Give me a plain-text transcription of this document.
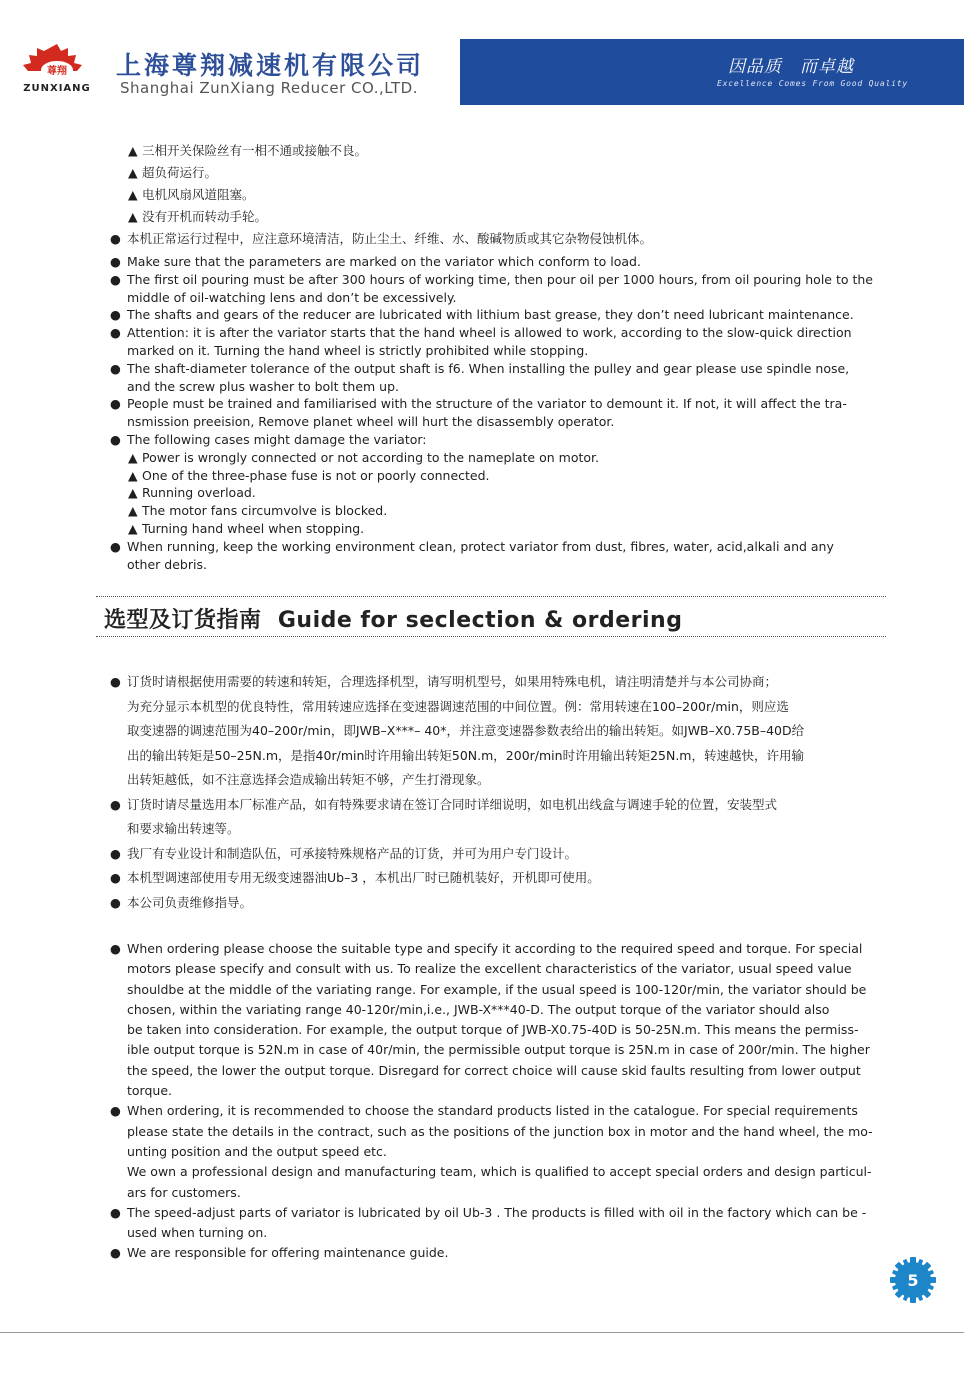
尊翔
ZUNXIANG
上海尊翔减速机有限公司
Shanghai ZunXiang Reducer CO.,LTD.
因品质　而卓越
Excellence Comes From Good Quality
▲ 三相开关保险丝有一相不通或接触不良。
▲ 超负荷运行。
▲ 电机风扇风道阻塞。
▲ 没有开机而转动手轮。
● 本机正常运行过程中，应注意环境清洁，防止尘土、纤维、水、酸碱物质或其它杂物侵蚀机体。
● Make sure that the parameters are marked on the variator which conform to load.
● The first oil pouring must be after 300 hours of working time, then pour oil per 1000 hours, from oil pouring hole to the
middle of oil-watching lens and don’t be excessively.
● The shafts and gears of the reducer are lubricated with lithium bast grease, they don’t need lubricant maintenance.
● Attention: it is after the variator starts that the hand wheel is allowed to work, according to the slow-quick direction
marked on it. Turning the hand wheel is strictly prohibited while stopping.
● The shaft-diameter tolerance of the output shaft is f6. When installing the pulley and gear please use spindle nose,
and the screw plus washer to bolt them up.
● People must be trained and familiarised with the structure of the variator to demount it. If not, it will affect the tra-
nsmission preeision, Remove planet wheel will hurt the disassembly operator.
● The following cases might damage the variator:
▲ Power is wrongly connected or not according to the nameplate on motor.
▲ One of the three-phase fuse is not or poorly connected.
▲ Running overload.
▲ The motor fans circumvolve is blocked.
▲ Turning hand wheel when stopping.
● When running, keep the working environment clean, protect variator from dust, fibres, water, acid,alkali and any
other debris.
选型及订货指南 Guide for seclection & ordering
● 订货时请根据使用需要的转速和转矩，合理选择机型，请写明机型号，如果用特殊电机，请注明清楚并与本公司协商；
为充分显示本机型的优良特性，常用转速应选择在变速器调速范围的中间位置。例：常用转速在100–200r/min，则应选
取变速器的调速范围为40–200r/min，即JWB–X***– 40*，并注意变速器参数表给出的输出转矩。如JWB–X0.75B–40D给
出的输出转矩是50–25N.m，是指40r/min时许用输出转矩50N.m，200r/min时许用输出转矩25N.m，转速越快，许用输
出转矩越低，如不注意选择会造成输出转矩不够，产生打滑现象。
● 订货时请尽量选用本厂标准产品，如有特殊要求请在签订合同时详细说明，如电机出线盒与调速手轮的位置，安装型式
和要求输出转速等。
● 我厂有专业设计和制造队伍，可承接特殊规格产品的订货，并可为用户专门设计。
● 本机型调速部使用专用无级变速器油Ub–3 ，本机出厂时已随机装好，开机即可使用。
● 本公司负责维修指导。
● When ordering please choose the suitable type and specify it according to the required speed and torque. For special
motors please specify and consult with us. To realize the excellent characteristics of the variator, usual speed value
shouldbe at the middle of the variating range. For example, if the usual speed is 100-120r/min, the variator should be
chosen, within the variating range 40-120r/min,i.e., JWB-X***40-D. The output torque of the variator should also
be taken into consideration. For example, the output torque of JWB-X0.75-40D is 50-25N.m. This means the permiss-
ible output torque is 52N.m in case of 40r/min, the permissible output torque is 25N.m in case of 200r/min. The higher
the speed, the lower the output torque. Disregard for correct choice will cause skid faults resulting from lower output
torque.
● When ordering, it is recommended to choose the standard products listed in the catalogue. For special requirements
please state the details in the contract, such as the positions of the junction box in motor and the hand wheel, the mo-
unting position and the output speed etc.
We own a professional design and manufacturing team, which is qualified to accept special orders and design particul-
ars for customers.
● The speed-adjust parts of variator is lubricated by oil Ub-3 . The products is filled with oil in the factory which can be -
used when turning on.
● We are responsible for offering maintenance guide.
5
